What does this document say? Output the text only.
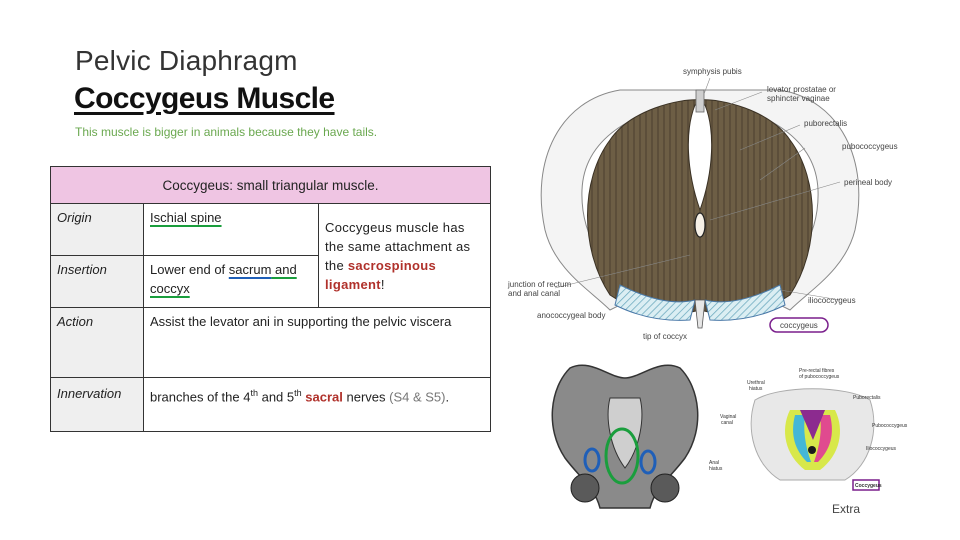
Pelvic Diaphragm
Coccygeus Muscle
This muscle is bigger in animals because they have tails.
Coccygeus: small triangular muscle.		
Origin	Ischial spine	Coccygeus muscle has the same attachment as the sacrospinous ligament!
Insertion	Lower end of sacrum and coccyx	
Action	Assist the levator ani in supporting the pelvic viscera	
Innervation	branches of the 4th and 5th sacral nerves (S4 & S5).	
symphysis pubis
levator prostatae or
sphincter vaginae
puborectalis
pubococcygeus
perineal body
junction of rectum
and anal canal
iliococcygeus
anococcygeal body
tip of coccyx
coccygeus
Pre-rectal fibres
of pubococcygeus
Urethral
hiatus
Puborectalis
Vaginal
canal	Pubococcygeus
Iliococcygeus
Anal
hiatus
Coccygeus
Extra
